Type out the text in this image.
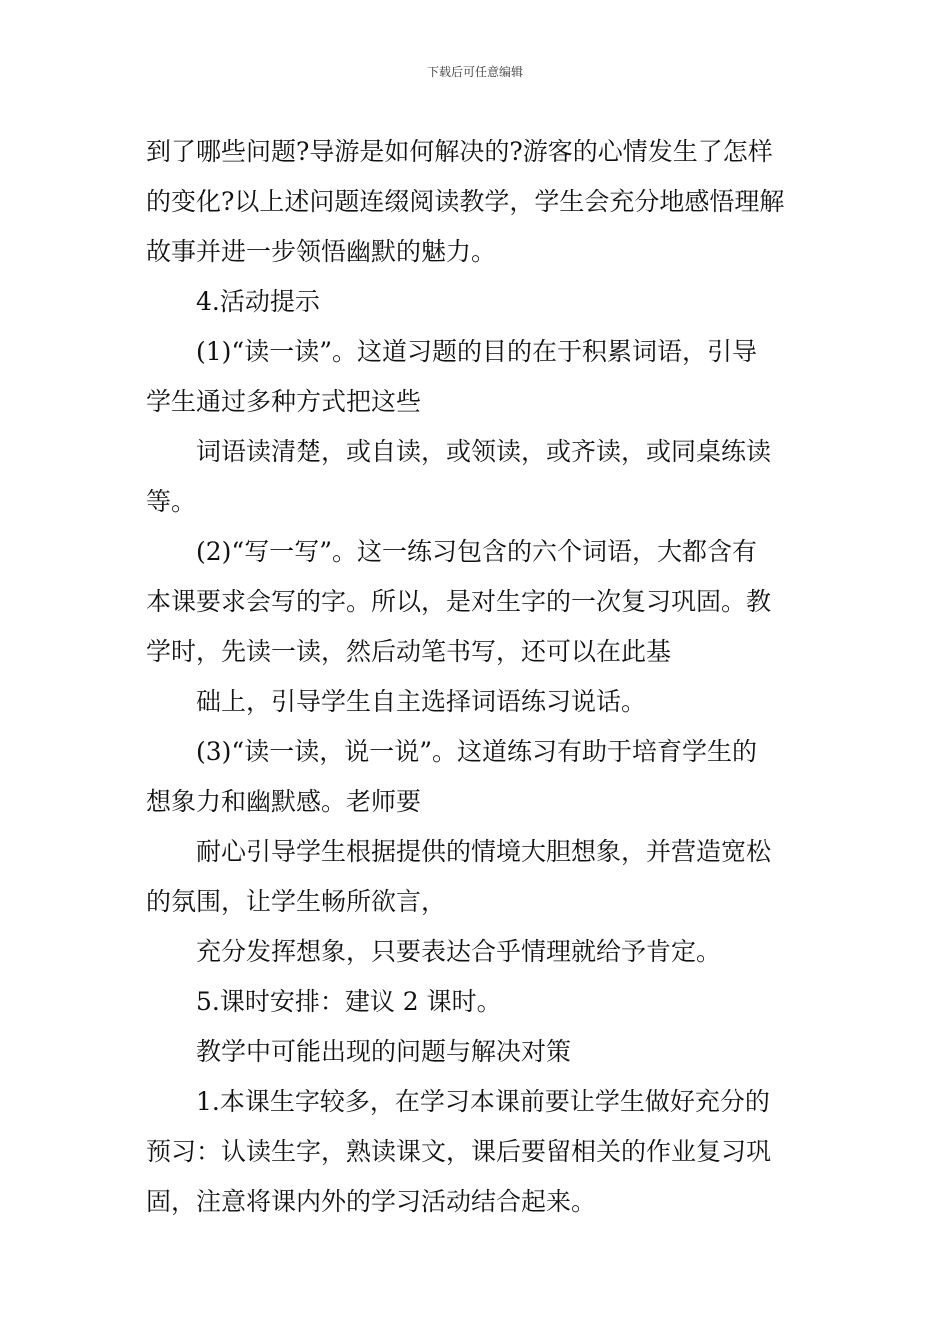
下载后可任意编辑

到了哪些问题?导游是如何解决的?游客的心情发生了怎样
的变化?以上述问题连缀阅读教学，学生会充分地感悟理解
故事并进一步领悟幽默的魅力。

4.活动提示

(1)“读一读”。这道习题的目的在于积累词语，引导
学生通过多种方式把这些

词语读清楚，或自读，或领读，或齐读，或同桌练读
等。

(2)“写一写”。这一练习包含的六个词语，大都含有
本课要求会写的字。所以，是对生字的一次复习巩固。教
学时，先读一读，然后动笔书写，还可以在此基

础上，引导学生自主选择词语练习说话。

(3)“读一读，说一说”。这道练习有助于培育学生的
想象力和幽默感。老师要

耐心引导学生根据提供的情境大胆想象，并营造宽松
的氛围，让学生畅所欲言，

充分发挥想象，只要表达合乎情理就给予肯定。

5.课时安排：建议 2 课时。

教学中可能出现的问题与解决对策

1.本课生字较多，在学习本课前要让学生做好充分的
预习：认读生字，熟读课文，课后要留相关的作业复习巩
固，注意将课内外的学习活动结合起来。
